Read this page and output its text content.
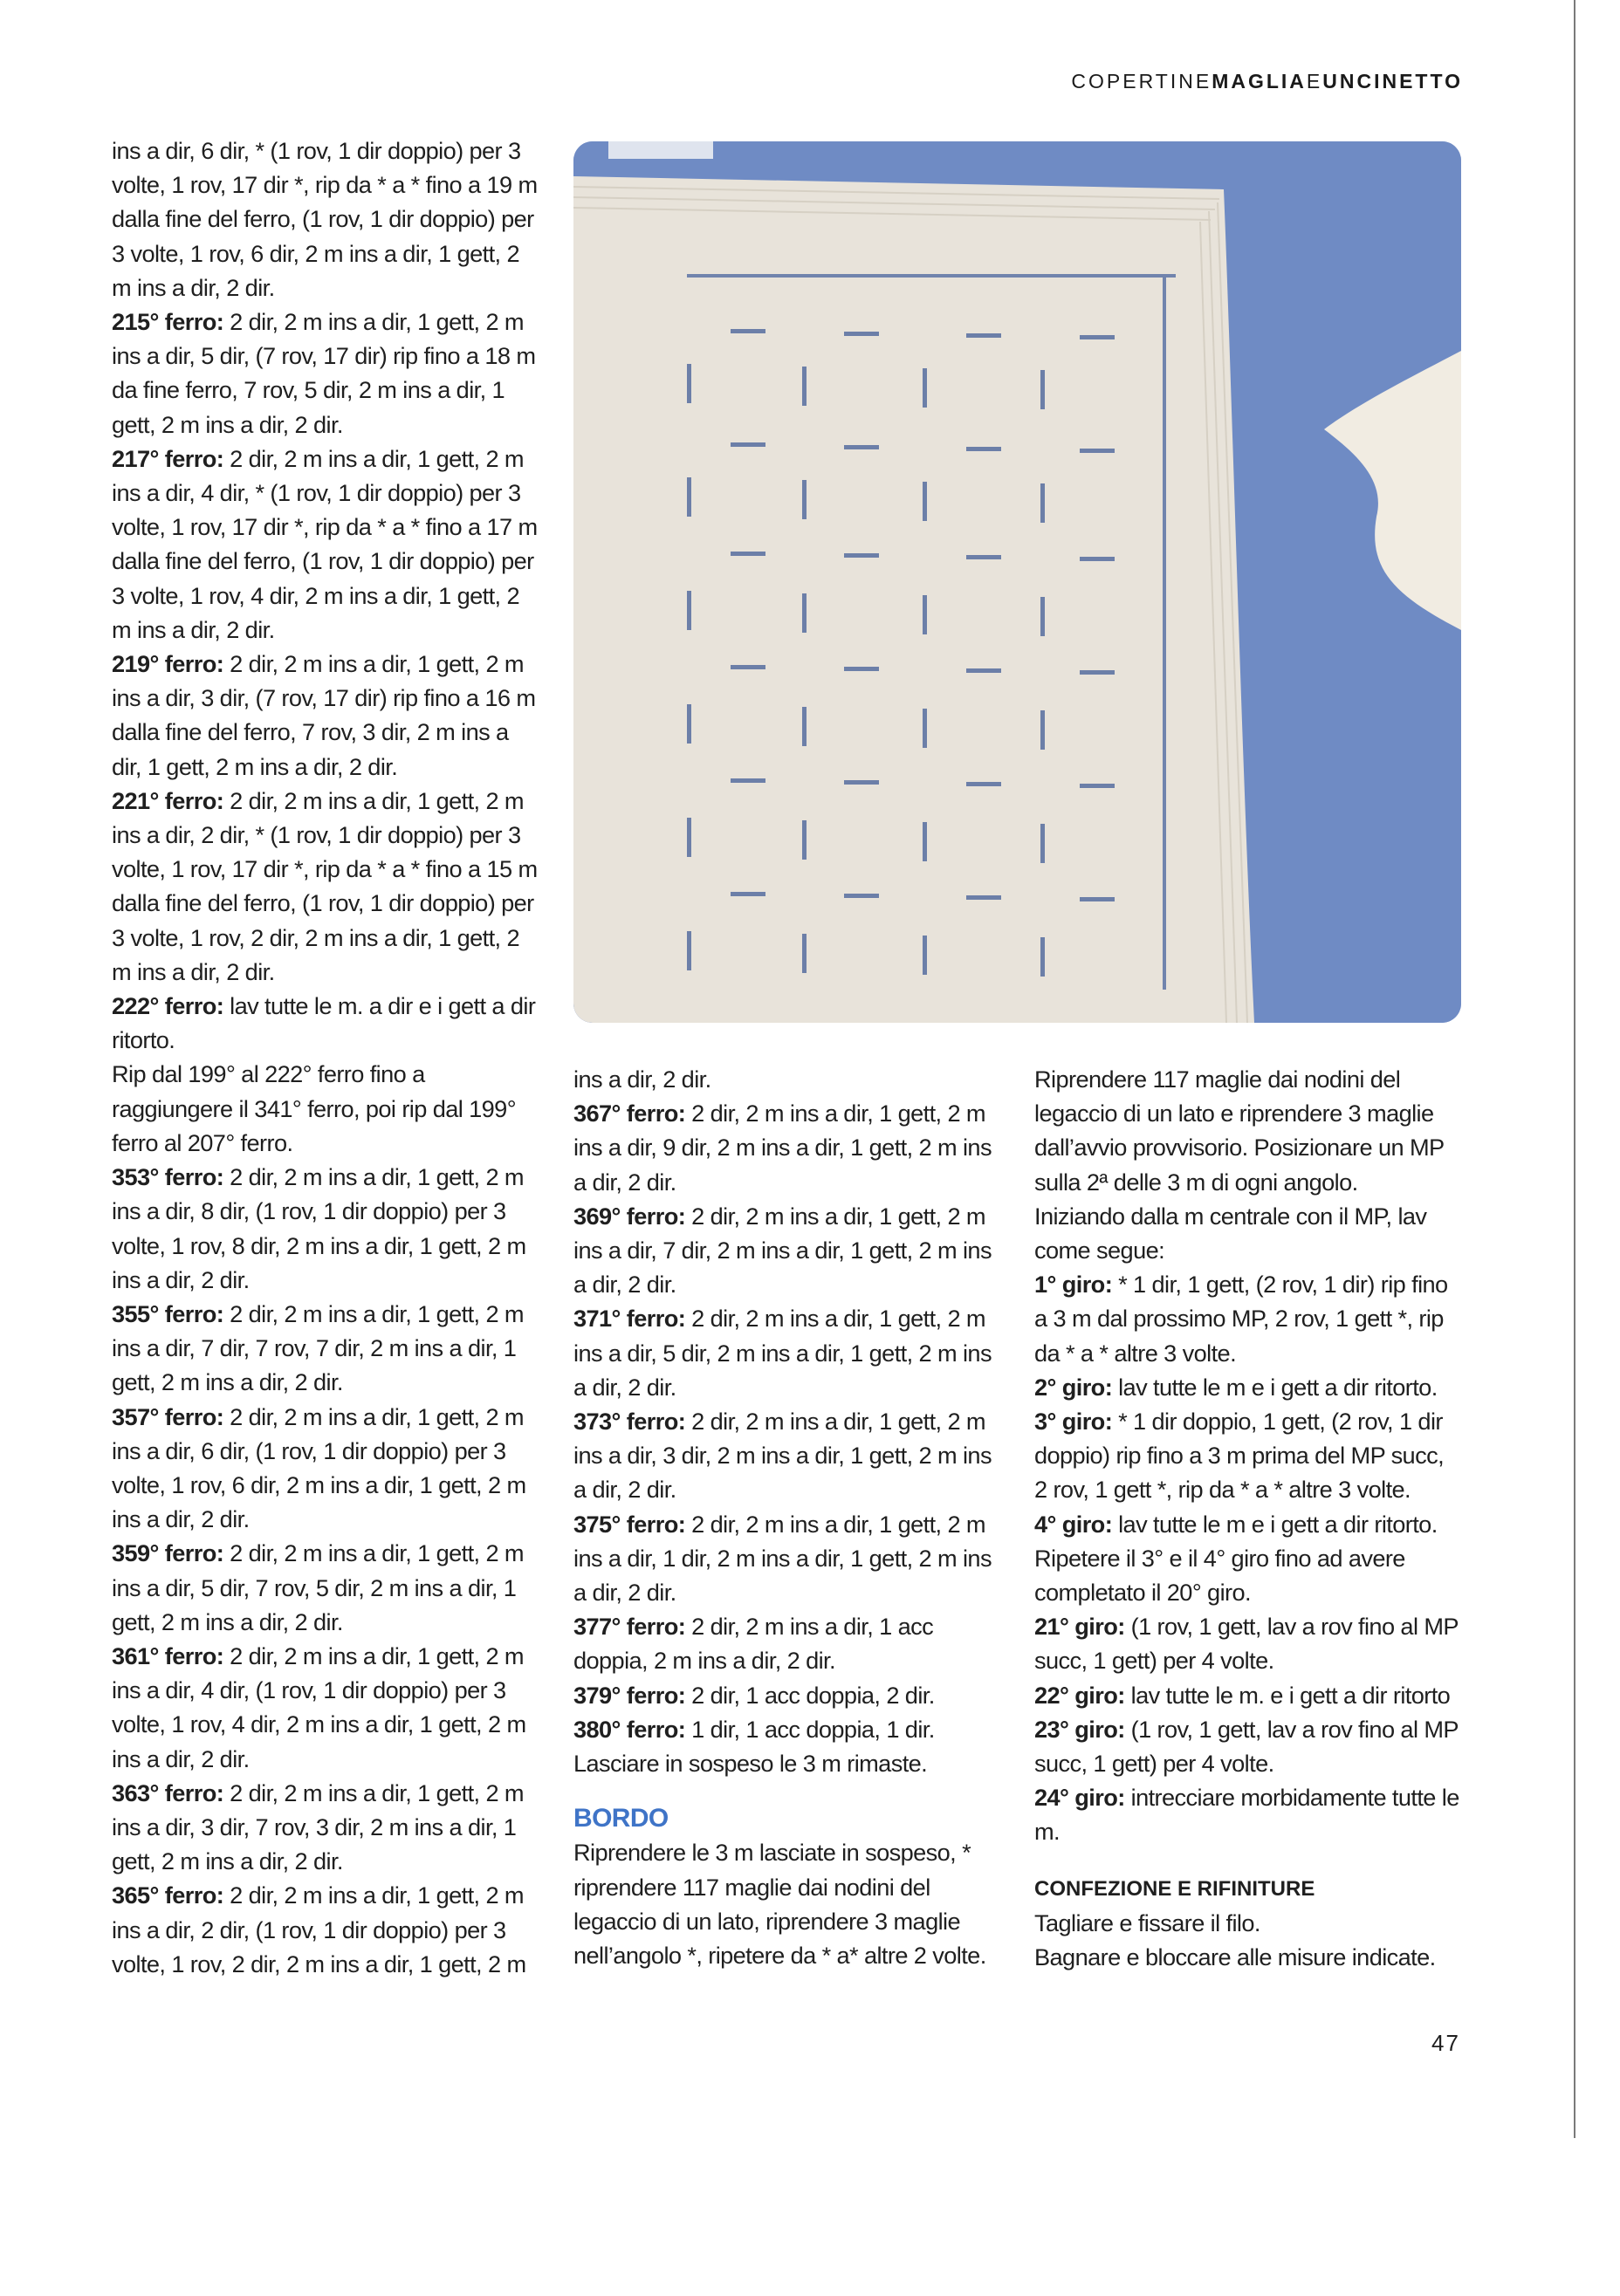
COPERTINEMAGLIAEUNCINETTO

ins a dir, 6 dir, * (1 rov, 1 dir doppio) per 3 volte, 1 rov, 17 dir *, rip da * a * fino a 19 m dalla fine del ferro, (1 rov, 1 dir doppio) per 3 volte, 1 rov, 6 dir, 2 m ins a dir, 1 gett, 2 m ins a dir, 2 dir.

215° ferro: 2 dir, 2 m ins a dir, 1 gett, 2 m ins a dir, 5 dir, (7 rov, 17 dir) rip fino a 18 m da fine ferro, 7 rov, 5 dir, 2 m ins a dir, 1 gett, 2 m ins a dir, 2 dir.

217° ferro: 2 dir, 2 m ins a dir, 1 gett, 2 m ins a dir, 4 dir, * (1 rov, 1 dir doppio) per 3 volte, 1 rov, 17 dir *, rip da * a * fino a 17 m dalla fine del ferro, (1 rov, 1 dir doppio) per 3 volte, 1 rov, 4 dir, 2 m ins a dir, 1 gett, 2 m ins a dir, 2 dir.

219° ferro: 2 dir, 2 m ins a dir, 1 gett, 2 m ins a dir, 3 dir, (7 rov, 17 dir) rip fino a 16 m dalla fine del ferro, 7 rov, 3 dir, 2 m ins a dir, 1 gett, 2 m ins a dir, 2 dir.

221° ferro: 2 dir, 2 m ins a dir, 1 gett, 2 m ins a dir, 2 dir, * (1 rov, 1 dir doppio) per 3 volte, 1 rov, 17 dir *, rip da * a * fino a 15 m dalla fine del ferro, (1 rov, 1 dir doppio) per 3 volte, 1 rov, 2 dir, 2 m ins a dir, 1 gett, 2 m ins a dir, 2 dir.

222° ferro: lav tutte le m. a dir e i gett a dir ritorto.

Rip dal 199° al 222° ferro fino a raggiungere il 341° ferro, poi rip dal 199° ferro al 207° ferro.

353° ferro: 2 dir, 2 m ins a dir, 1 gett, 2 m ins a dir, 8 dir, (1 rov, 1 dir doppio) per 3 volte, 1 rov, 8 dir, 2 m ins a dir, 1 gett, 2 m ins a dir, 2 dir.

355° ferro: 2 dir, 2 m ins a dir, 1 gett, 2 m ins a dir, 7 dir, 7 rov, 7 dir, 2 m ins a dir, 1 gett, 2 m ins a dir, 2 dir.

357° ferro: 2 dir, 2 m ins a dir, 1 gett, 2 m ins a dir, 6 dir, (1 rov, 1 dir doppio) per 3 volte, 1 rov, 6 dir, 2 m ins a dir, 1 gett, 2 m ins a dir, 2 dir.

359° ferro: 2 dir, 2 m ins a dir, 1 gett, 2 m ins a dir, 5 dir, 7 rov, 5 dir, 2 m ins a dir, 1 gett, 2 m ins a dir, 2 dir.

361° ferro: 2 dir, 2 m ins a dir, 1 gett, 2 m ins a dir, 4 dir, (1 rov, 1 dir doppio) per 3 volte, 1 rov, 4 dir, 2 m ins a dir, 1 gett, 2 m ins a dir, 2 dir.

363° ferro: 2 dir, 2 m ins a dir, 1 gett, 2 m ins a dir, 3 dir, 7 rov, 3 dir, 2 m ins a dir, 1 gett, 2 m ins a dir, 2 dir.

365° ferro: 2 dir, 2 m ins a dir, 1 gett, 2 m ins a dir, 2 dir, (1 rov, 1 dir doppio) per 3 volte, 1 rov, 2 dir, 2 m ins a dir, 1 gett, 2 m

ins a dir, 2 dir.

367° ferro: 2 dir, 2 m ins a dir, 1 gett, 2 m ins a dir, 9 dir, 2 m ins a dir, 1 gett, 2 m ins a dir, 2 dir.

369° ferro: 2 dir, 2 m ins a dir, 1 gett, 2 m ins a dir, 7 dir, 2 m ins a dir, 1 gett, 2 m ins a dir, 2 dir.

371° ferro: 2 dir, 2 m ins a dir, 1 gett, 2 m ins a dir, 5 dir, 2 m ins a dir, 1 gett, 2 m ins a dir, 2 dir.

373° ferro: 2 dir, 2 m ins a dir, 1 gett, 2 m ins a dir, 3 dir, 2 m ins a dir, 1 gett, 2 m ins a dir, 2 dir.

375° ferro: 2 dir, 2 m ins a dir, 1 gett, 2 m ins a dir, 1 dir, 2 m ins a dir, 1 gett, 2 m ins a dir, 2 dir.

377° ferro: 2 dir, 2 m ins a dir, 1 acc doppia, 2 m ins a dir, 2 dir.

379° ferro: 2 dir, 1 acc doppia, 2 dir.

380° ferro: 1 dir, 1 acc doppia, 1 dir.

Lasciare in sospeso le 3 m rimaste.

BORDO

Riprendere le 3 m lasciate in sospeso, * riprendere 117 maglie dai nodini del legaccio di un lato, riprendere 3 maglie nell’angolo *, ripetere da * a* altre 2 volte.

Riprendere 117 maglie dai nodini del legaccio di un lato e riprendere 3 maglie dall’avvio provvisorio. Posizionare un MP sulla 2ª delle 3 m di ogni angolo.

Iniziando dalla m centrale con il MP, lav come segue:

1° giro: * 1 dir, 1 gett, (2 rov, 1 dir) rip fino a 3 m dal prossimo MP, 2 rov, 1 gett *, rip da * a * altre 3 volte.

2° giro: lav tutte le m e i gett a dir ritorto.

3° giro: * 1 dir doppio, 1 gett, (2 rov, 1 dir doppio) rip fino a 3 m prima del MP succ, 2 rov, 1 gett *, rip da * a * altre 3 volte.

4° giro: lav tutte le m e i gett a dir ritorto.

Ripetere il 3° e il 4° giro fino ad avere completato il 20° giro.

21° giro: (1 rov, 1 gett, lav a rov fino al MP succ, 1 gett) per 4 volte.

22° giro: lav tutte le m. e i gett a dir ritorto

23° giro: (1 rov, 1 gett, lav a rov fino al MP succ, 1 gett) per 4 volte.

24° giro: intrecciare morbidamente tutte le m.

CONFEZIONE E RIFINITURE

Tagliare e fissare il filo.

Bagnare e bloccare alle misure indicate.

47
